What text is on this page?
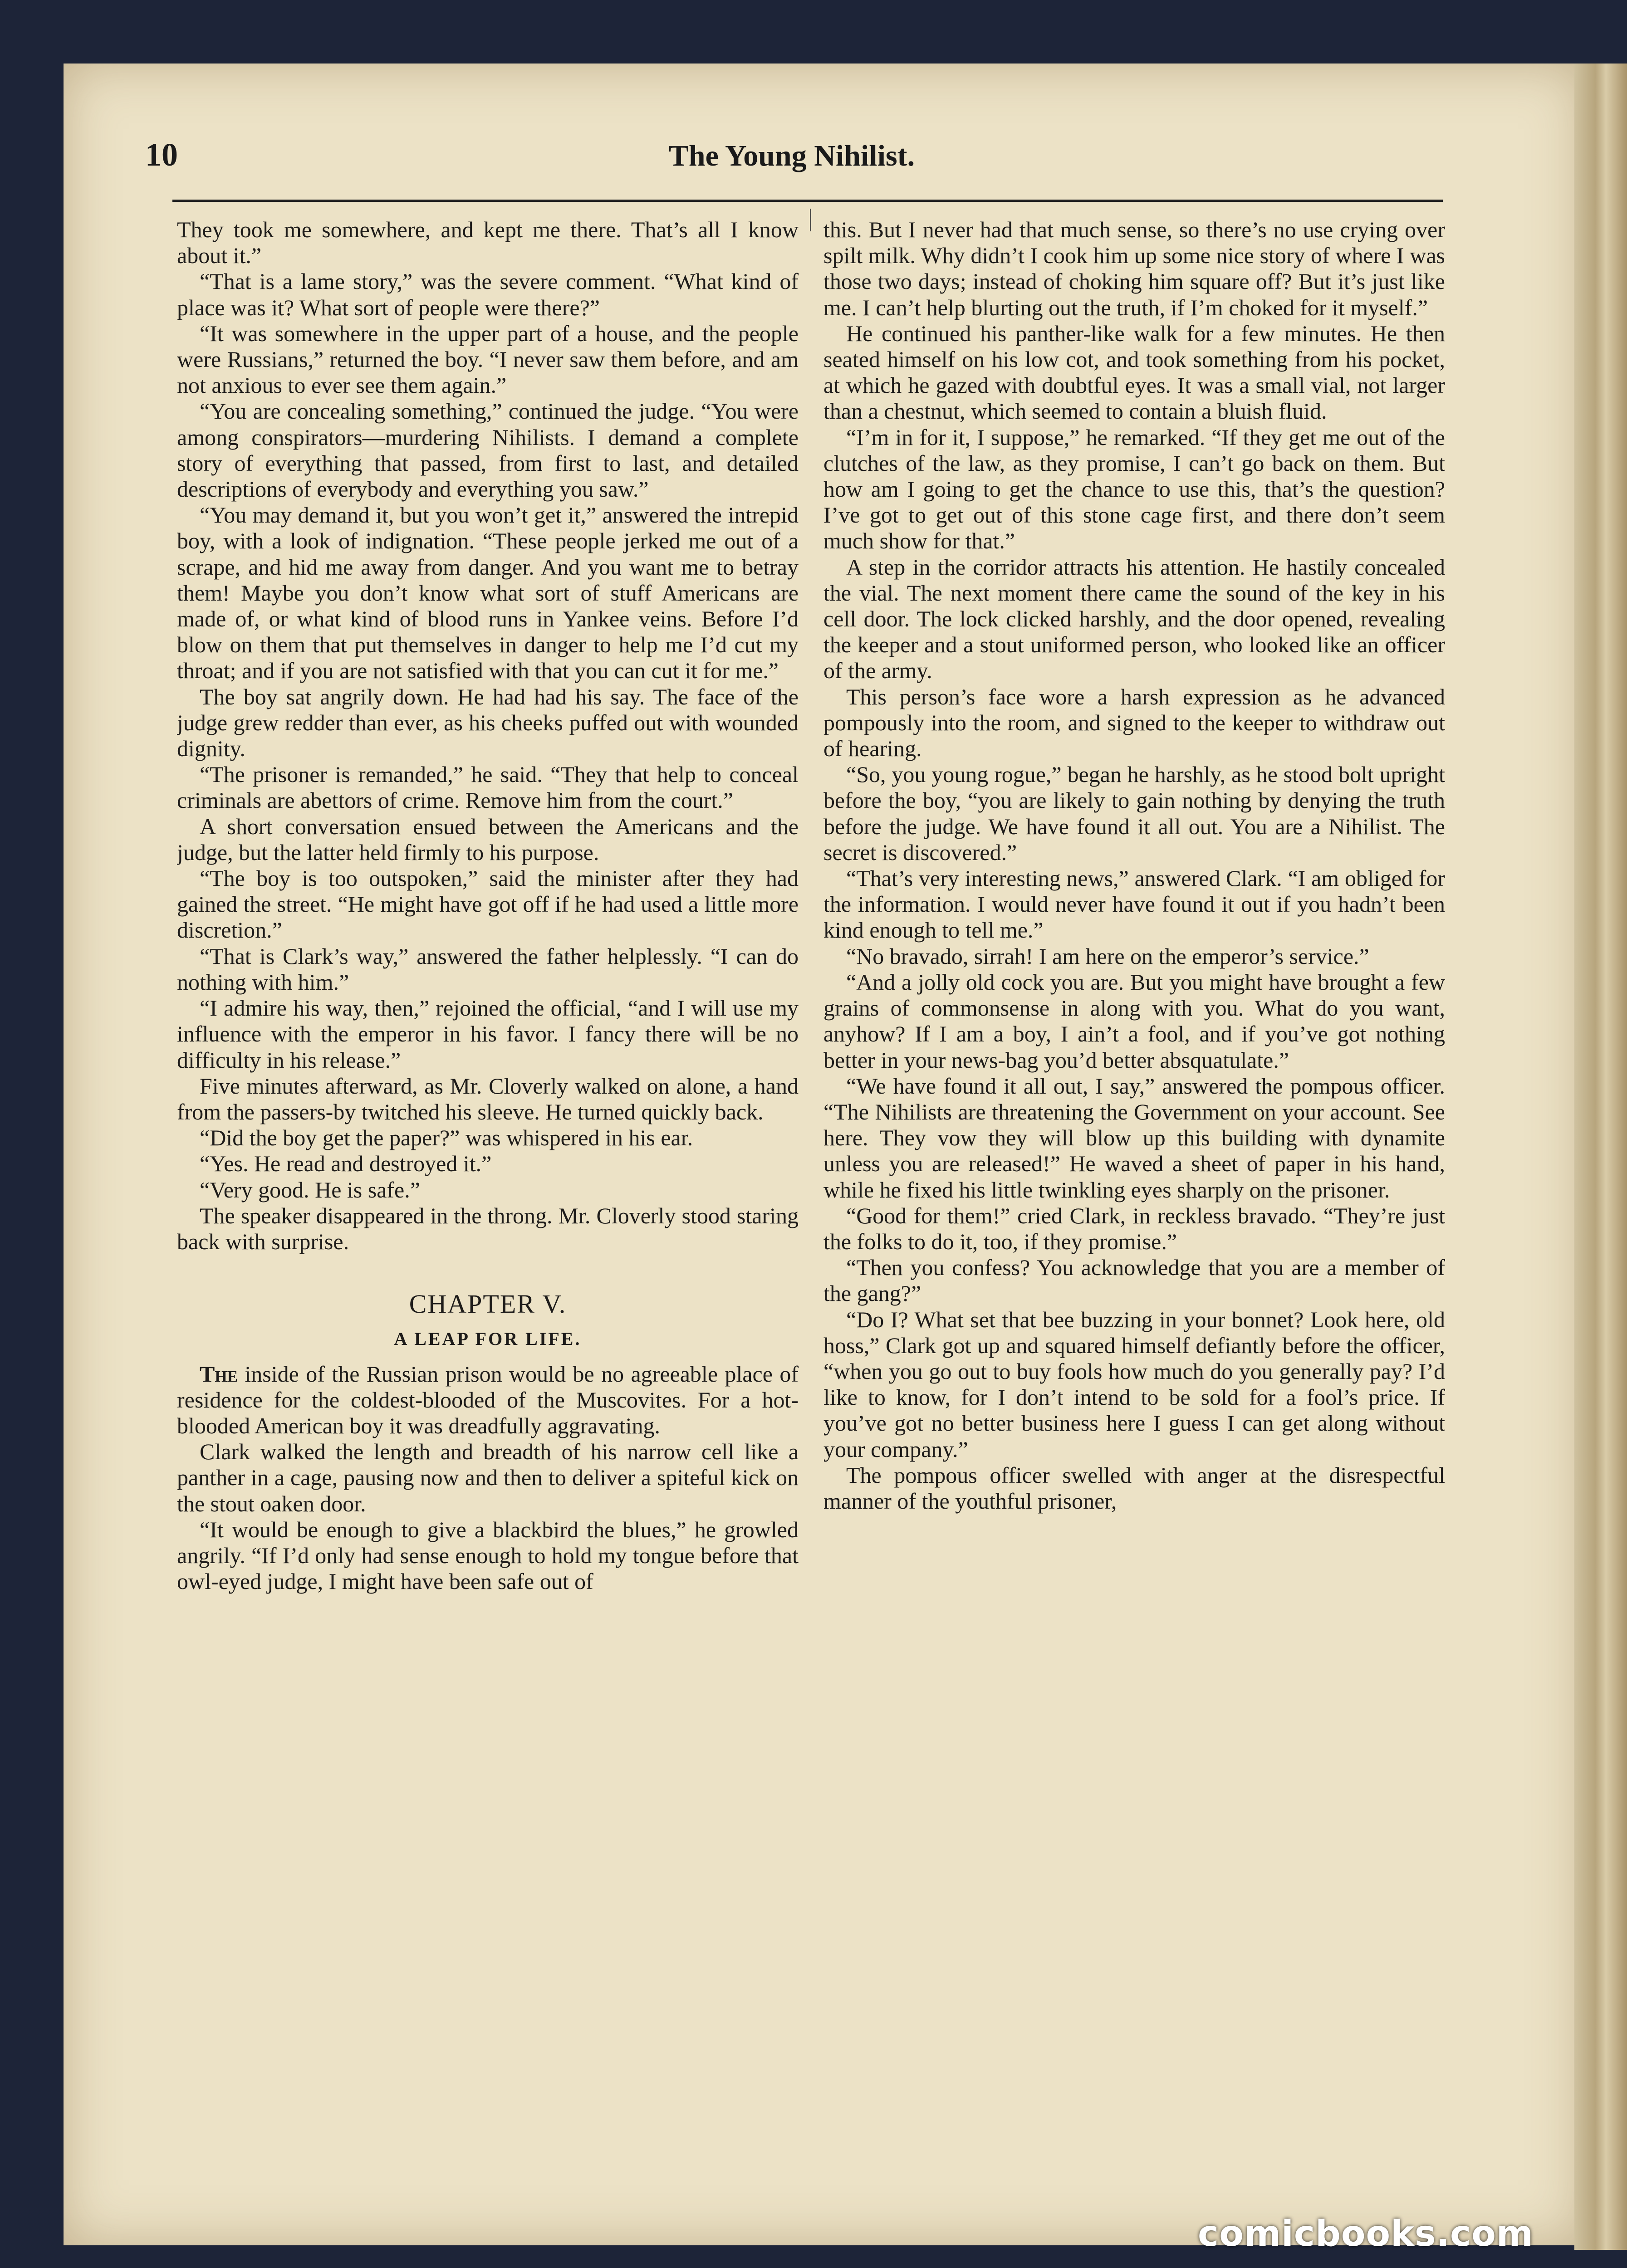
10	The Young Nihilist.

They took me somewhere, and kept me there. That’s all I know about it.”

“That is a lame story,” was the severe comment. “What kind of place was it? What sort of people were there?”

“It was somewhere in the upper part of a house, and the people were Russians,” returned the boy. “I never saw them before, and am not anxious to ever see them again.”

“You are concealing something,” continued the judge. “You were among conspirators—murdering Nihilists. I demand a complete story of everything that passed, from first to last, and detailed descriptions of everybody and everything you saw.”

“You may demand it, but you won’t get it,” answered the intrepid boy, with a look of indignation. “These people jerked me out of a scrape, and hid me away from danger. And you want me to betray them! Maybe you don’t know what sort of stuff Americans are made of, or what kind of blood runs in Yankee veins. Before I’d blow on them that put themselves in danger to help me I’d cut my throat; and if you are not satisfied with that you can cut it for me.”

The boy sat angrily down. He had had his say. The face of the judge grew redder than ever, as his cheeks puffed out with wounded dignity.

“The prisoner is remanded,” he said. “They that help to conceal criminals are abettors of crime. Remove him from the court.”

A short conversation ensued between the Americans and the judge, but the latter held firmly to his purpose.

“The boy is too outspoken,” said the minister after they had gained the street. “He might have got off if he had used a little more discretion.”

“That is Clark’s way,” answered the father helplessly. “I can do nothing with him.”

“I admire his way, then,” rejoined the official, “and I will use my influence with the emperor in his favor. I fancy there will be no difficulty in his release.”

Five minutes afterward, as Mr. Cloverly walked on alone, a hand from the passers-by twitched his sleeve. He turned quickly back.

“Did the boy get the paper?” was whispered in his ear.

“Yes. He read and destroyed it.”

“Very good. He is safe.”

The speaker disappeared in the throng. Mr. Cloverly stood staring back with surprise.

CHAPTER V.
A LEAP FOR LIFE.

The inside of the Russian prison would be no agreeable place of residence for the coldest-blooded of the Muscovites. For a hot-blooded American boy it was dreadfully aggravating.

Clark walked the length and breadth of his narrow cell like a panther in a cage, pausing now and then to deliver a spiteful kick on the stout oaken door.

“It would be enough to give a blackbird the blues,” he growled angrily. “If I’d only had sense enough to hold my tongue before that owl-eyed judge, I might have been safe out of

this. But I never had that much sense, so there’s no use crying over spilt milk. Why didn’t I cook him up some nice story of where I was those two days; instead of choking him square off? But it’s just like me. I can’t help blurting out the truth, if I’m choked for it myself.”

He continued his panther-like walk for a few minutes. He then seated himself on his low cot, and took something from his pocket, at which he gazed with doubtful eyes. It was a small vial, not larger than a chestnut, which seemed to contain a bluish fluid.

“I’m in for it, I suppose,” he remarked. “If they get me out of the clutches of the law, as they promise, I can’t go back on them. But how am I going to get the chance to use this, that’s the question? I’ve got to get out of this stone cage first, and there don’t seem much show for that.”

A step in the corridor attracts his attention. He hastily concealed the vial. The next moment there came the sound of the key in his cell door. The lock clicked harshly, and the door opened, revealing the keeper and a stout uniformed person, who looked like an officer of the army.

This person’s face wore a harsh expression as he advanced pompously into the room, and signed to the keeper to withdraw out of hearing.

“So, you young rogue,” began he harshly, as he stood bolt upright before the boy, “you are likely to gain nothing by denying the truth before the judge. We have found it all out. You are a Nihilist. The secret is discovered.”

“That’s very interesting news,” answered Clark. “I am obliged for the information. I would never have found it out if you hadn’t been kind enough to tell me.”

“No bravado, sirrah! I am here on the emperor’s service.”

“And a jolly old cock you are. But you might have brought a few grains of commonsense in along with you. What do you want, anyhow? If I am a boy, I ain’t a fool, and if you’ve got nothing better in your news-bag you’d better absquatulate.”

“We have found it all out, I say,” answered the pompous officer. “The Nihilists are threatening the Government on your account. See here. They vow they will blow up this building with dynamite unless you are released!” He waved a sheet of paper in his hand, while he fixed his little twinkling eyes sharply on the prisoner.

“Good for them!” cried Clark, in reckless bravado. “They’re just the folks to do it, too, if they promise.”

“Then you confess? You acknowledge that you are a member of the gang?”

“Do I? What set that bee buzzing in your bonnet? Look here, old hoss,” Clark got up and squared himself defiantly before the officer, “when you go out to buy fools how much do you generally pay? I’d like to know, for I don’t intend to be sold for a fool’s price. If you’ve got no better business here I guess I can get along without your company.”

The pompous officer swelled with anger at the disrespectful manner of the youthful prisoner,

comicbooks.com
